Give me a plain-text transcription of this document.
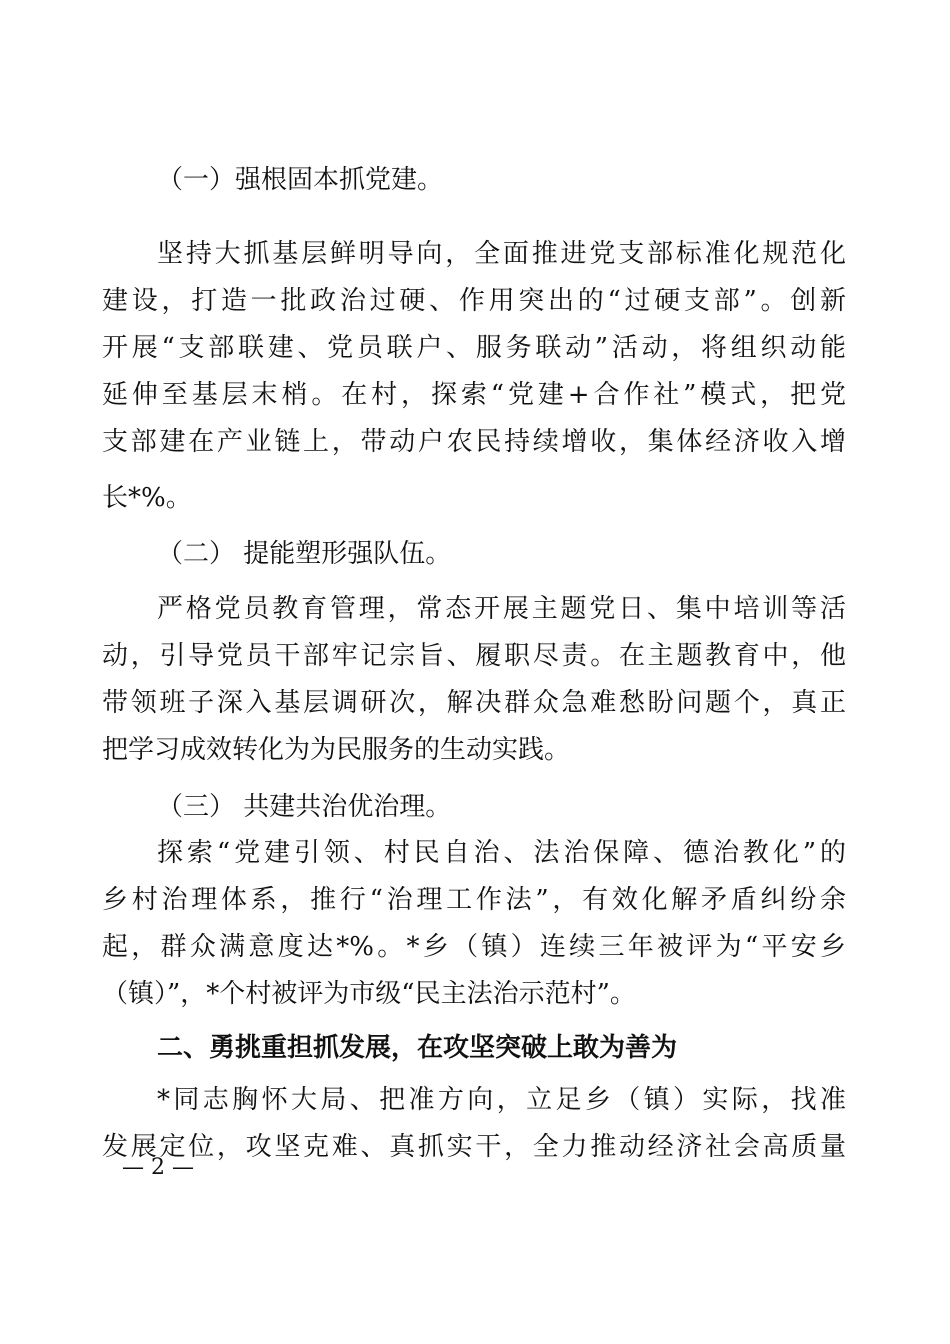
（一）强根固本抓党建。
坚持大抓基层鲜明导向，全面推进党支部标准化规范化
建设，打造一批政治过硬、作用突出的“过硬支部”。创新
开展“支部联建、党员联户、服务联动”活动，将组织动能
延伸至基层末梢。在村，探索“党建+合作社”模式，把党
支部建在产业链上，带动户农民持续增收，集体经济收入增
长*%。
（二） 提能塑形强队伍。
严格党员教育管理，常态开展主题党日、集中培训等活
动，引导党员干部牢记宗旨、履职尽责。在主题教育中，他
带领班子深入基层调研次，解决群众急难愁盼问题个，真正
把学习成效转化为为民服务的生动实践。
（三） 共建共治优治理。
探索“党建引领、村民自治、法治保障、德治教化”的
乡村治理体系，推行“治理工作法”，有效化解矛盾纠纷余
起，群众满意度达*%。*乡（镇）连续三年被评为“平安乡
（镇）”，*个村被评为市级“民主法治示范村”。
二、勇挑重担抓发展，在攻坚突破上敢为善为
*同志胸怀大局、把准方向，立足乡（镇）实际，找准
发展定位，攻坚克难、真抓实干，全力推动经济社会高质量
— 2 —
